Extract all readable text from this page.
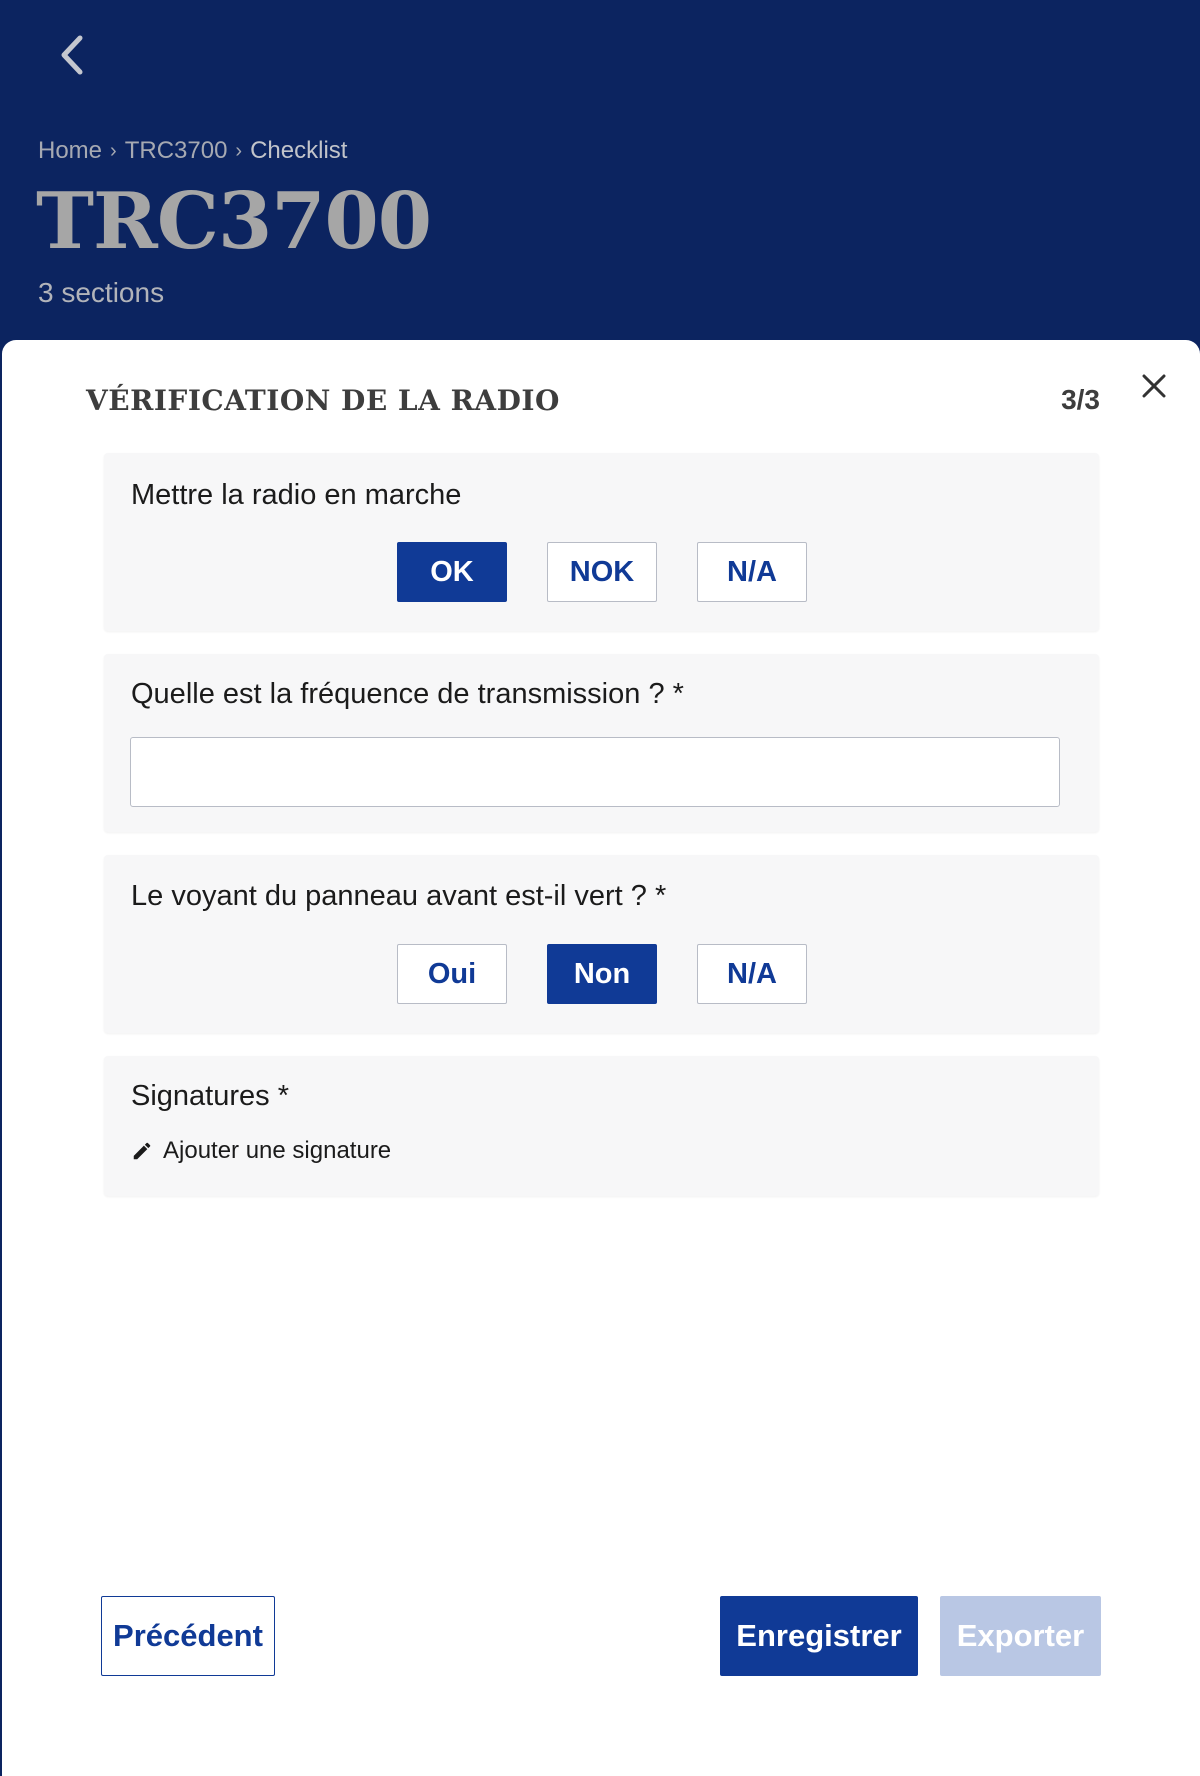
Home › TRC3700 › Checklist
TRC3700
3 sections
VÉRIFICATION DE LA RADIO	3/3
Mettre la radio en marche
OK	NOK	N/A
Quelle est la fréquence de transmission ? *
Le voyant du panneau avant est-il vert ? *
Oui	Non	N/A
Signatures *
Ajouter une signature
Précédent	Enregistrer	Exporter
